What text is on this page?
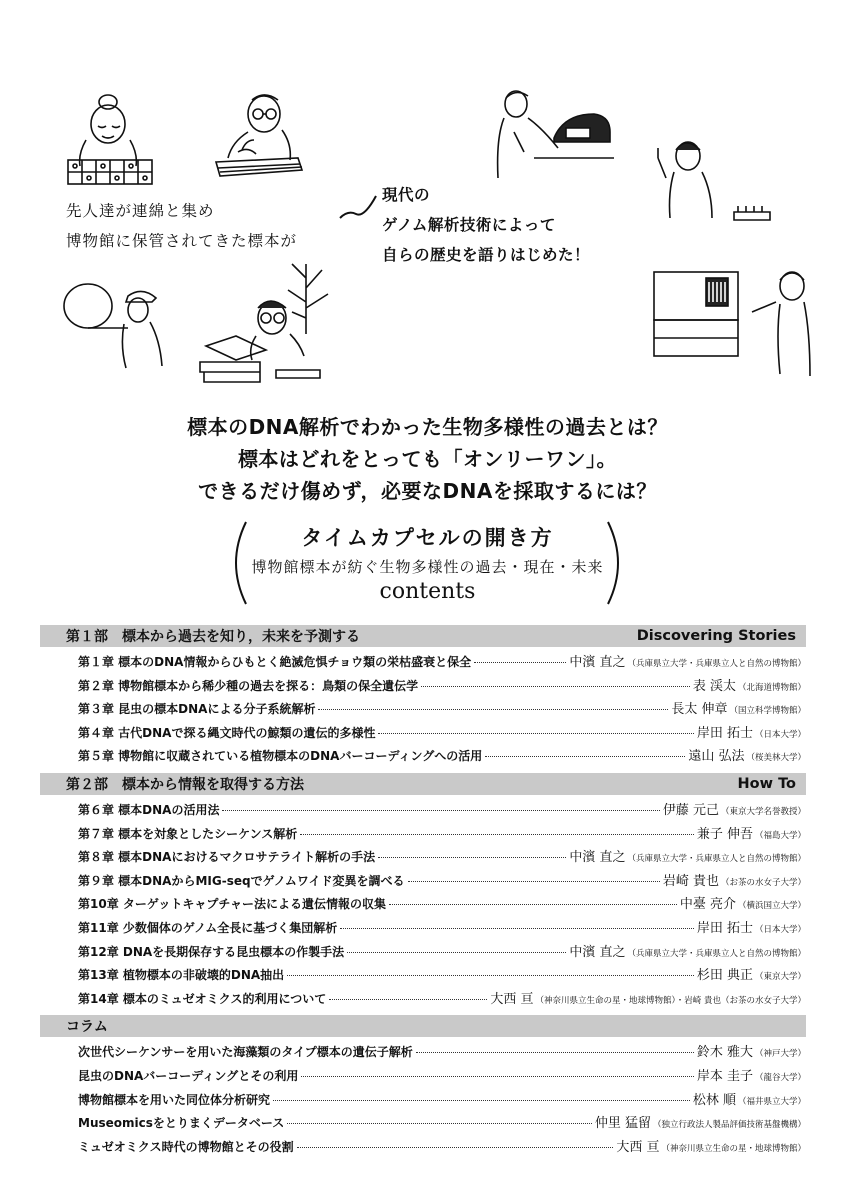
先人達が連綿と集め
博物館に保管されてきた標本が
現代の
ゲノム解析技術によって
自らの歴史を語りはじめた！
標本のDNA解析でわかった生物多様性の過去とは？
標本はどれをとっても「オンリーワン」。
できるだけ傷めず，必要なDNAを採取するには？
タイムカプセルの開き方
博物館標本が紡ぐ生物多様性の過去・現在・未来
contents
第１部　標本から過去を知り，未来を予測する	Discovering Stories
第１章 標本のDNA情報からひもとく絶滅危惧チョウ類の栄枯盛衰と保全	中濱 直之 （兵庫県立大学・兵庫県立人と自然の博物館）
第２章 博物館標本から稀少種の過去を探る：鳥類の保全遺伝学	表 渓太 （北海道博物館）
第３章 昆虫の標本DNAによる分子系統解析	長太 伸章 （国立科学博物館）
第４章 古代DNAで探る縄文時代の鯨類の遺伝的多様性	岸田 拓士 （日本大学）
第５章 博物館に収蔵されている植物標本のDNAバーコーディングへの活用	遠山 弘法 （桜美林大学）
第２部　標本から情報を取得する方法	How To
第６章 標本DNAの活用法	伊藤 元己 （東京大学名誉教授）
第７章 標本を対象としたシーケンス解析	兼子 伸吾 （福島大学）
第８章 標本DNAにおけるマクロサテライト解析の手法	中濱 直之 （兵庫県立大学・兵庫県立人と自然の博物館）
第９章 標本DNAからMIG-seqでゲノムワイド変異を調べる	岩崎 貴也 （お茶の水女子大学）
第10章 ターゲットキャプチャー法による遺伝情報の収集	中臺 亮介 （横浜国立大学）
第11章 少数個体のゲノム全長に基づく集団解析	岸田 拓士 （日本大学）
第12章 DNAを長期保存する昆虫標本の作製手法	中濱 直之 （兵庫県立大学・兵庫県立人と自然の博物館）
第13章 植物標本の非破壊的DNA抽出	杉田 典正 （東京大学）
第14章 標本のミュゼオミクス的利用について	大西 亘 （神奈川県立生命の星・地球博物館）・岩崎 貴也（お茶の水女子大学）
コラム
次世代シーケンサーを用いた海藻類のタイプ標本の遺伝子解析	鈴木 雅大 （神戸大学）
昆虫のDNAバーコーディングとその利用	岸本 圭子 （龍谷大学）
博物館標本を用いた同位体分析研究	松林 順 （福井県立大学）
Museomicsをとりまくデータベース	仲里 猛留 （独立行政法人製品評価技術基盤機構）
ミュゼオミクス時代の博物館とその役割	大西 亘 （神奈川県立生命の星・地球博物館）
